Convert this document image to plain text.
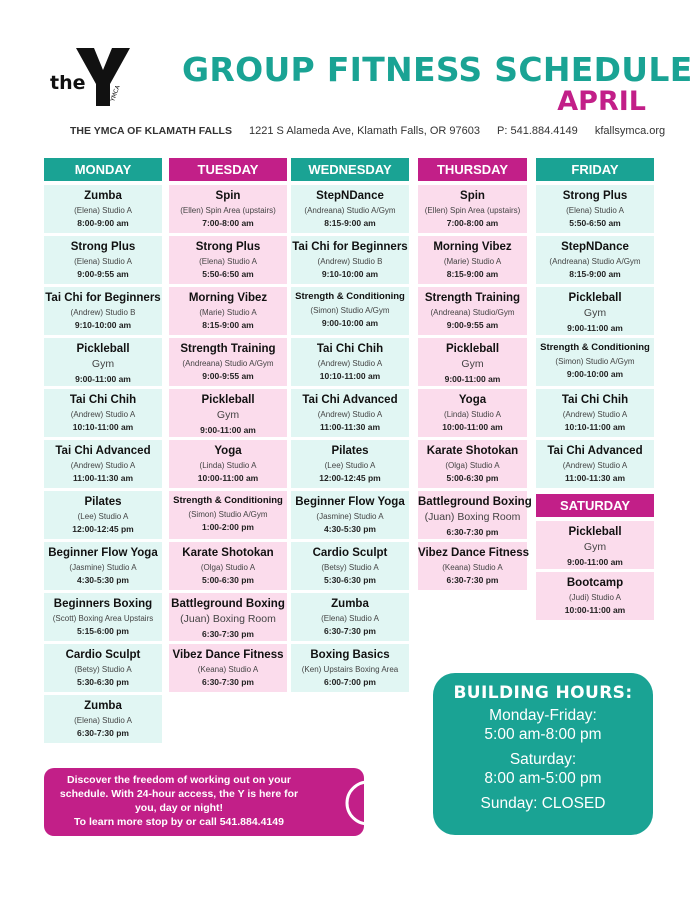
the	YMCA
GROUP FITNESS SCHEDULE
APRIL
THE YMCA OF KLAMATH FALLS 1221 S Alameda Ave, Klamath Falls, OR 97603 P: 541.884.4149 kfallsymca.org
MONDAY
Zumba
(Elena) Studio A
8:00-9:00 am
Strong Plus
(Elena) Studio A
9:00-9:55 am
Tai Chi for Beginners
(Andrew) Studio B
9:10-10:00 am
Pickleball
Gym
9:00-11:00 am
Tai Chi Chih
(Andrew) Studio A
10:10-11:00 am
Tai Chi Advanced
(Andrew) Studio A
11:00-11:30 am
Pilates
(Lee) Studio A
12:00-12:45 pm
Beginner Flow Yoga
(Jasmine) Studio A
4:30-5:30 pm
Beginners Boxing
(Scott) Boxing Area Upstairs
5:15-6:00 pm
Cardio Sculpt
(Betsy) Studio A
5:30-6:30 pm
Zumba
(Elena) Studio A
6:30-7:30 pm
TUESDAY
Spin
(Ellen) Spin Area (upstairs)
7:00-8:00 am
Strong Plus
(Elena) Studio A
5:50-6:50 am
Morning Vibez
(Marie) Studio A
8:15-9:00 am
Strength Training
(Andreana) Studio A/Gym
9:00-9:55 am
Pickleball
Gym
9:00-11:00 am
Yoga
(Linda) Studio A
10:00-11:00 am
Strength & Conditioning
(Simon) Studio A/Gym
1:00-2:00 pm
Karate Shotokan
(Olga) Studio A
5:00-6:30 pm
Battleground Boxing
(Juan) Boxing Room
6:30-7:30 pm
Vibez Dance Fitness
(Keana) Studio A
6:30-7:30 pm
WEDNESDAY
StepNDance
(Andreana) Studio A/Gym
8:15-9:00 am
Tai Chi for Beginners
(Andrew) Studio B
9:10-10:00 am
Strength & Conditioning
(Simon) Studio A/Gym
9:00-10:00 am
Tai Chi Chih
(Andrew) Studio A
10:10-11:00 am
Tai Chi Advanced
(Andrew) Studio A
11:00-11:30 am
Pilates
(Lee) Studio A
12:00-12:45 pm
Beginner Flow Yoga
(Jasmine) Studio A
4:30-5:30 pm
Cardio Sculpt
(Betsy) Studio A
5:30-6:30 pm
Zumba
(Elena) Studio A
6:30-7:30 pm
Boxing Basics
(Ken) Upstairs Boxing Area
6:00-7:00 pm
THURSDAY
Spin
(Ellen) Spin Area (upstairs)
7:00-8:00 am
Morning Vibez
(Marie) Studio A
8:15-9:00 am
Strength Training
(Andreana) Studio/Gym
9:00-9:55 am
Pickleball
Gym
9:00-11:00 am
Yoga
(Linda) Studio A
10:00-11:00 am
Karate Shotokan
(Olga) Studio A
5:00-6:30 pm
Battleground Boxing
(Juan) Boxing Room
6:30-7:30 pm
Vibez Dance Fitness
(Keana) Studio A
6:30-7:30 pm
FRIDAY
Strong Plus
(Elena) Studio A
5:50-6:50 am
StepNDance
(Andreana) Studio A/Gym
8:15-9:00 am
Pickleball
Gym
9:00-11:00 am
Strength & Conditioning
(Simon) Studio A/Gym
9:00-10:00 am
Tai Chi Chih
(Andrew) Studio A
10:10-11:00 am
Tai Chi Advanced
(Andrew) Studio A
11:00-11:30 am
SATURDAY
Pickleball
Gym
9:00-11:00 am
Bootcamp
(Judi) Studio A
10:00-11:00 am
BUILDING HOURS:
Monday-Friday:
5:00 am-8:00 pm
Saturday:
8:00 am-5:00 pm
Sunday: CLOSED
Discover the freedom of working out on your schedule. With 24-hour access, the Y is here for you, day or night!
To learn more stop by or call 541.884.4149
